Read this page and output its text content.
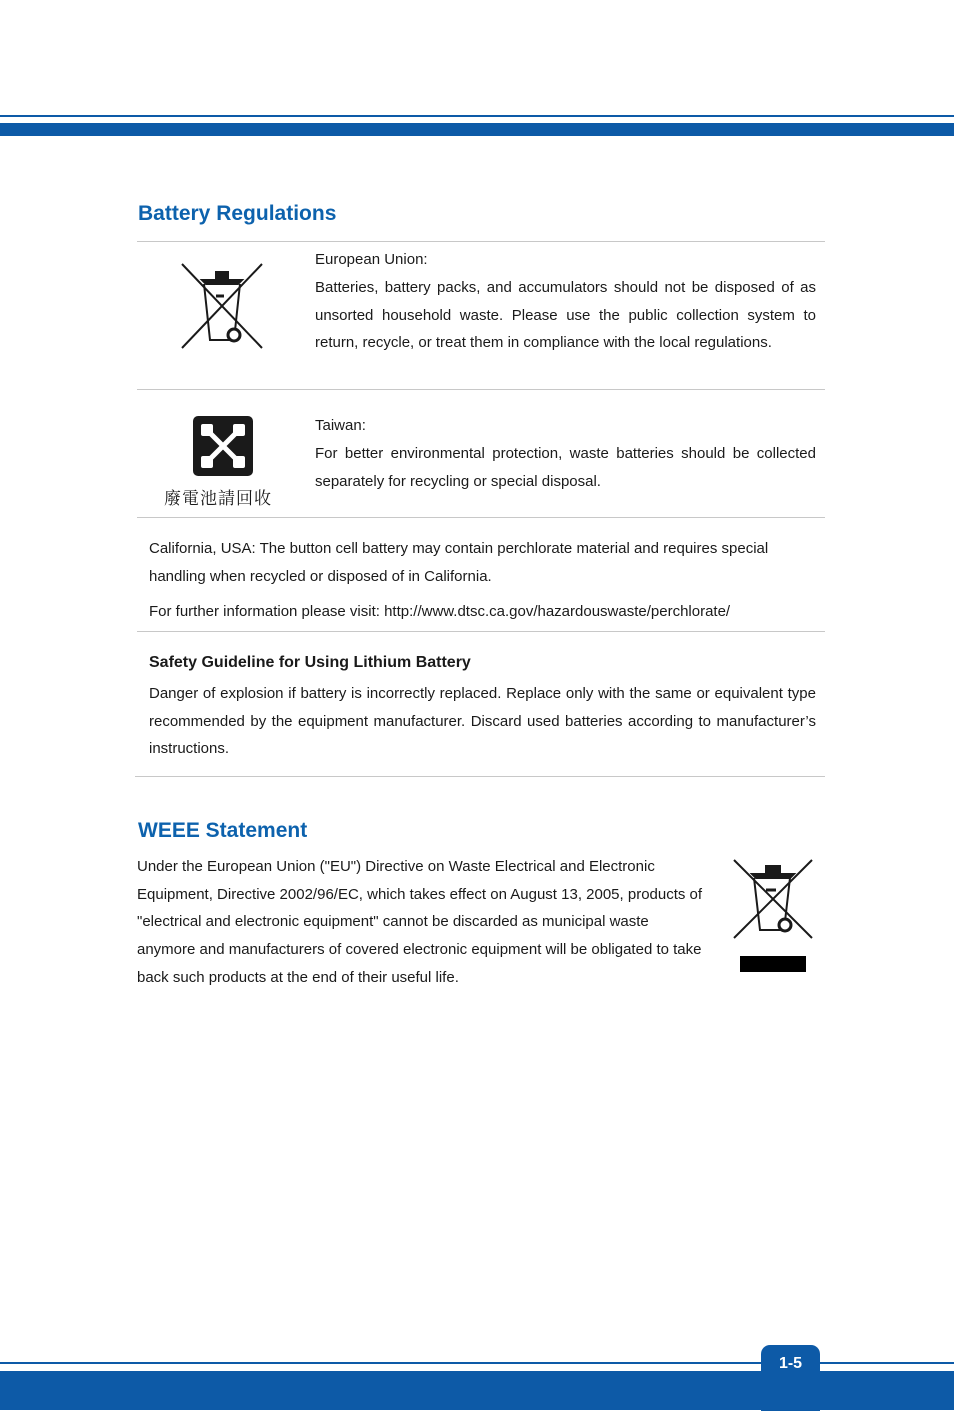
Battery Regulations

European Union:

Batteries, battery packs, and accumulators should not be disposed of as unsorted household waste. Please use the public collection system to return, recycle, or treat them in compliance with the local regulations.

廢電池請回收

Taiwan:

For better environmental protection, waste batteries should be collected separately for recycling or special disposal.

California, USA: The button cell battery may contain perchlorate material and requires special handling when recycled or disposed of in California.

For further information please visit: http://www.dtsc.ca.gov/hazardouswaste/perchlorate/

Safety Guideline for Using Lithium Battery

Danger of explosion if battery is incorrectly replaced. Replace only with the same or equivalent type recommended by the equipment manufacturer. Discard used batteries according to manufacturer’s instructions.

WEEE Statement

Under the European Union ("EU") Directive on Waste Electrical and Electronic Equipment, Directive 2002/96/EC, which takes effect on August 13, 2005, products of "electrical and electronic equipment" cannot be discarded as municipal waste anymore and manufacturers of covered electronic equipment will be obligated to take back such products at the end of their useful life.

1-5
